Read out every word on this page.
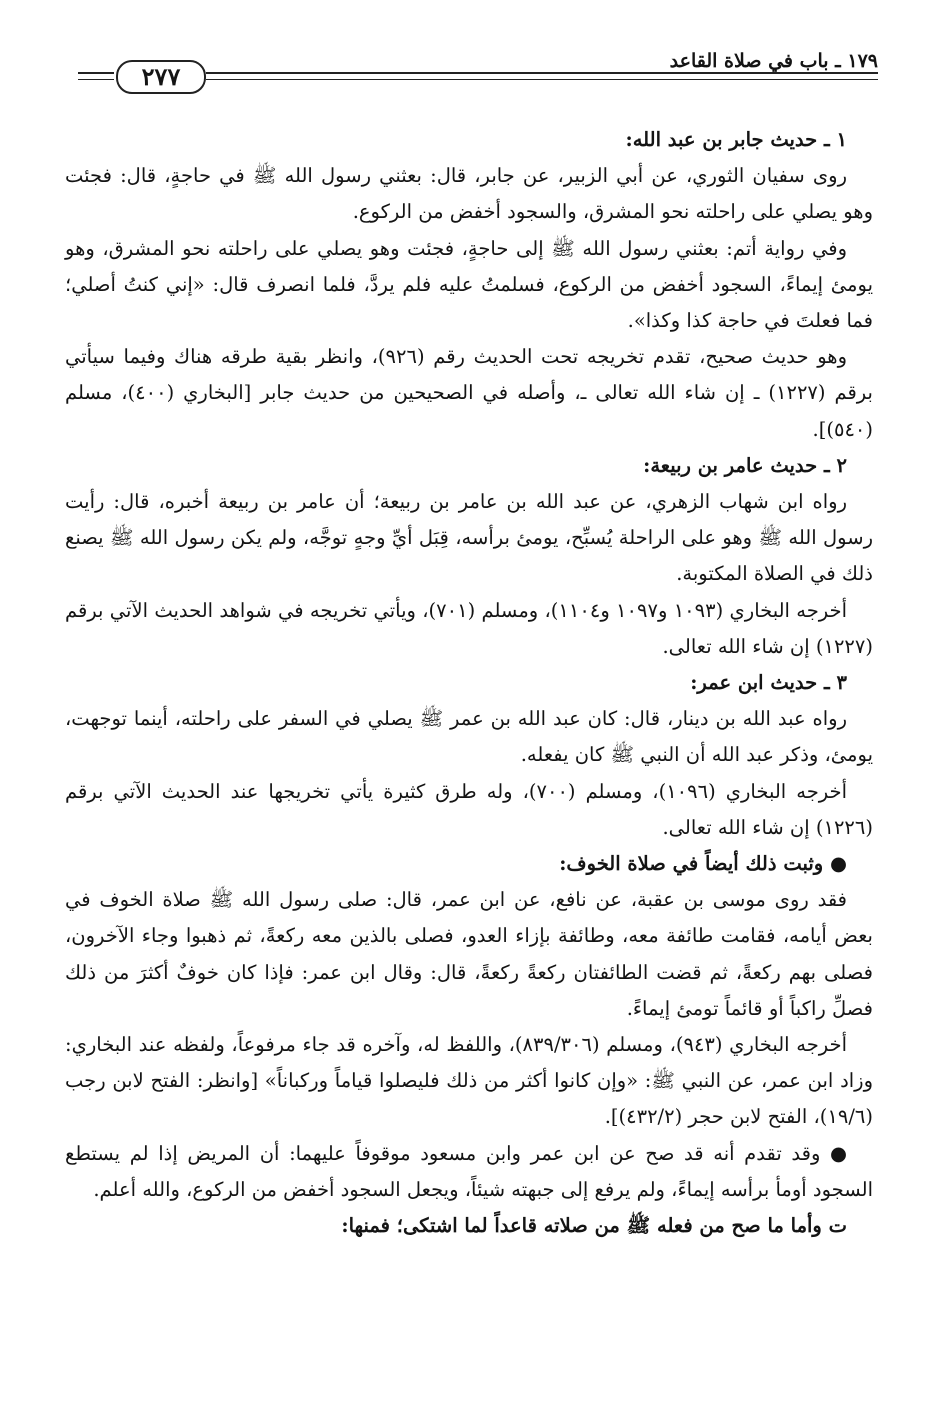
٢٧٧
١٧٩ ـ باب في صلاة القاعد

١ ـ حديث جابر بن عبد الله:

روى سفيان الثوري، عن أبي الزبير، عن جابر، قال: بعثني رسول الله ﷺ في حاجةٍ، قال: فجئت وهو يصلي على راحلته نحو المشرق، والسجود أخفض من الركوع.

وفي رواية أتم: بعثني رسول الله ﷺ إلى حاجةٍ، فجئت وهو يصلي على راحلته نحو المشرق، وهو يومئ إيماءً، السجود أخفض من الركوع، فسلمتُ عليه فلم يردَّ، فلما انصرف قال: «إني كنتُ أصلي؛ فما فعلتَ في حاجة كذا وكذا».

وهو حديث صحيح، تقدم تخريجه تحت الحديث رقم (٩٢٦)، وانظر بقية طرقه هناك وفيما سيأتي برقم (١٢٢٧) ـ إن شاء الله تعالى ـ، وأصله في الصحيحين من حديث جابر [البخاري (٤٠٠)، مسلم (٥٤٠)].

٢ ـ حديث عامر بن ربيعة:

رواه ابن شهاب الزهري، عن عبد الله بن عامر بن ربيعة؛ أن عامر بن ربيعة أخبره، قال: رأيت رسول الله ﷺ وهو على الراحلة يُسبِّح، يومئ برأسه، قِبَل أيِّ وجهٍ توجَّه، ولم يكن رسول الله ﷺ يصنع ذلك في الصلاة المكتوبة.

أخرجه البخاري (١٠٩٣ و١٠٩٧ و١١٠٤)، ومسلم (٧٠١)، ويأتي تخريجه في شواهد الحديث الآتي برقم (١٢٢٧) إن شاء الله تعالى.

٣ ـ حديث ابن عمر:

رواه عبد الله بن دينار، قال: كان عبد الله بن عمر ﷺ يصلي في السفر على راحلته، أينما توجهت، يومئ، وذكر عبد الله أن النبي ﷺ كان يفعله.

أخرجه البخاري (١٠٩٦)، ومسلم (٧٠٠)، وله طرق كثيرة يأتي تخريجها عند الحديث الآتي برقم (١٢٢٦) إن شاء الله تعالى.

● وثبت ذلك أيضاً في صلاة الخوف:

فقد روى موسى بن عقبة، عن نافع، عن ابن عمر، قال: صلى رسول الله ﷺ صلاة الخوف في بعض أيامه، فقامت طائفة معه، وطائفة بإزاء العدو، فصلى بالذين معه ركعةً، ثم ذهبوا وجاء الآخرون، فصلى بهم ركعةً، ثم قضت الطائفتان ركعةً ركعةً، قال: وقال ابن عمر: فإذا كان خوفٌ أكثرَ من ذلك فصلِّ راكباً أو قائماً تومئ إيماءً.

أخرجه البخاري (٩٤٣)، ومسلم (٨٣٩/٣٠٦)، واللفظ له، وآخره قد جاء مرفوعاً، ولفظه عند البخاري: وزاد ابن عمر، عن النبي ﷺ: «وإن كانوا أكثر من ذلك فليصلوا قياماً وركباناً» [وانظر: الفتح لابن رجب (١٩/٦)، الفتح لابن حجر (٤٣٢/٢)].

● وقد تقدم أنه قد صح عن ابن عمر وابن مسعود موقوفاً عليهما: أن المريض إذا لم يستطع السجود أومأ برأسه إيماءً، ولم يرفع إلى جبهته شيئاً، ويجعل السجود أخفض من الركوع، والله أعلم.

ت وأما ما صح من فعله ﷺ من صلاته قاعداً لما اشتكى؛ فمنها:
